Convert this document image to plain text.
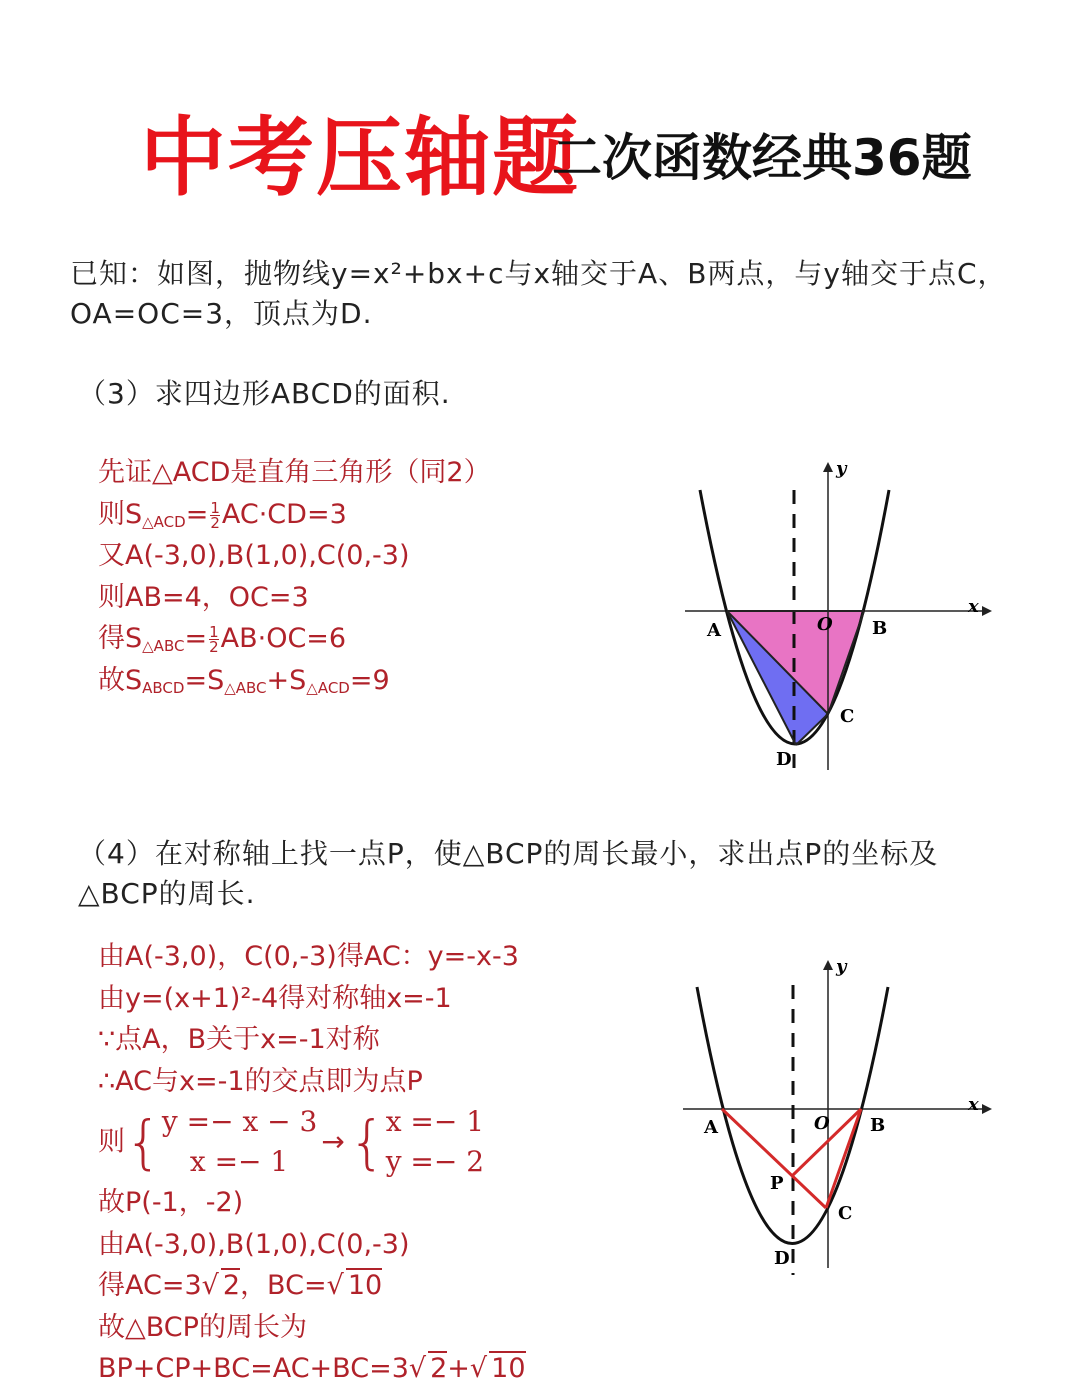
中考压轴题
二次函数经典36题
已知：如图，抛物线y=x²+bx+c与x轴交于A、B两点，与y轴交于点C，
OA=OC=3，顶点为D.
（3）求四边形ABCD的面积.
先证△ACD是直角三角形（同2）
则$S_{\triangle ACD}= \frac{1}{2} AC\cdot CD=3$
又A(-3,0),B(1,0),C(0,-3)
则AB=4，OC=3
得$S_{\triangle ABC}= \frac{1}{2} AB\cdot OC=6$
故$S_{ABCD}=S_{\triangle ABC}+S_{\triangle ACD}=9$
y
x
A	O B
C
D
（4）在对称轴上找一点P，使△BCP的周长最小，求出点P的坐标及
△BCP的周长.
由A(-3,0)，C(0,-3)得AC：y=-x-3
由y=(x+1)²-4得对称轴x=-1
∵点A，B关于x=-1对称
∴AC与x=-1的交点即为点P
则{ y =− x − 3
x =− 1
→{ x =− 1
y =− 2
故P(-1，-2)
由A(-3,0),B(1,0),C(0,-3)
得AC=3√ 2，BC=√ 10
故△BCP的周长为
BP+CP+BC=AC+BC=3√ 2+√ 10
y
x
A	O B
P
C
D
